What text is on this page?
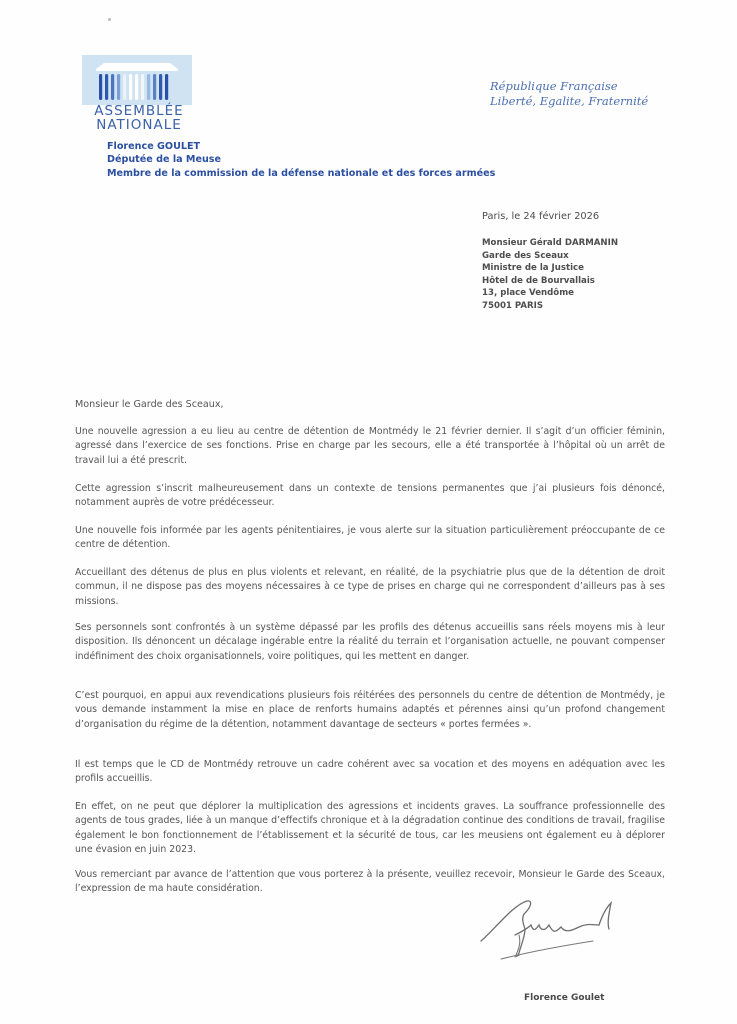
ASSEMBLÉE
NATIONALE
Florence GOULET
Députée de la Meuse
Membre de la commission de la défense nationale et des forces armées
République Française
Liberté, Egalite, Fraternité
Paris, le 24 février 2026
Monsieur Gérald DARMANIN
Garde des Sceaux
Ministre de la Justice
Hôtel de de Bourvallais
13, place Vendôme
75001 PARIS
Monsieur le Garde des Sceaux,

Une nouvelle agression a eu lieu au centre de détention de Montmédy le 21 février dernier. Il s’agit d’un officier féminin, agressé dans l’exercice de ses fonctions. Prise en charge par les secours, elle a été transportée à l’hôpital où un arrêt de travail lui a été prescrit.

Cette agression s’inscrit malheureusement dans un contexte de tensions permanentes que j’ai plusieurs fois dénoncé, notamment auprès de votre prédécesseur.

Une nouvelle fois informée par les agents pénitentiaires, je vous alerte sur la situation particulièrement préoccupante de ce centre de détention.

Accueillant des détenus de plus en plus violents et relevant, en réalité, de la psychiatrie plus que de la détention de droit commun, il ne dispose pas des moyens nécessaires à ce type de prises en charge qui ne correspondent d’ailleurs pas à ses missions.

Ses personnels sont confrontés à un système dépassé par les profils des détenus accueillis sans réels moyens mis à leur disposition. Ils dénoncent un décalage ingérable entre la réalité du terrain et l’organisation actuelle, ne pouvant compenser indéfiniment des choix organisationnels, voire politiques, qui les mettent en danger.

C’est pourquoi, en appui aux revendications plusieurs fois réitérées des personnels du centre de détention de Montmédy, je vous demande instamment la mise en place de renforts humains adaptés et pérennes ainsi qu’un profond changement d’organisation du régime de la détention, notamment davantage de secteurs « portes fermées ».

Il est temps que le CD de Montmédy retrouve un cadre cohérent avec sa vocation et des moyens en adéquation avec les profils accueillis.

En effet, on ne peut que déplorer la multiplication des agressions et incidents graves. La souffrance professionnelle des agents de tous grades, liée à un manque d’effectifs chronique et à la dégradation continue des conditions de travail, fragilise également le bon fonctionnement de l’établissement et la sécurité de tous, car les meusiens ont également eu à déplorer une évasion en juin 2023.

Vous remerciant par avance de l’attention que vous porterez à la présente, veuillez recevoir, Monsieur le Garde des Sceaux, l’expression de ma haute considération.

Florence Goulet
